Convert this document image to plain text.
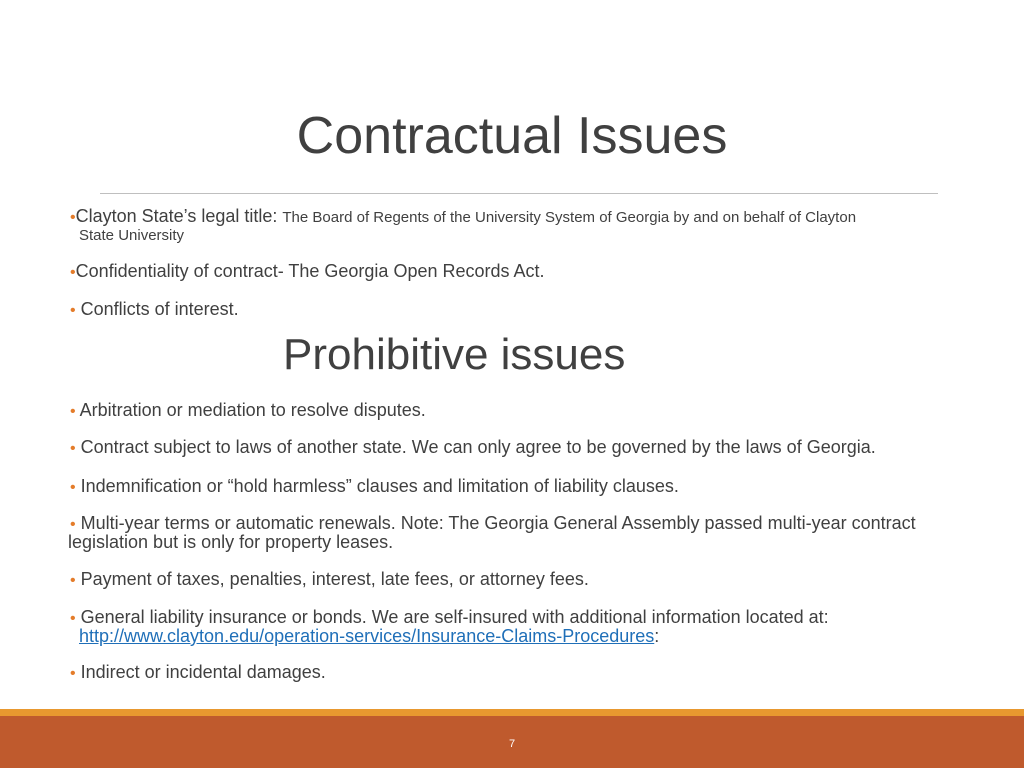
Contractual Issues

•Clayton State’s legal title: The Board of Regents of the University System of Georgia by and on behalf of Clayton

State University

•Confidentiality of contract- The Georgia Open Records Act.

• Conflicts of interest.

Prohibitive issues

• Arbitration or mediation to resolve disputes.

• Contract subject to laws of another state. We can only agree to be governed by the laws of Georgia.

• Indemnification or “hold harmless” clauses and limitation of liability clauses.

• Multi-year terms or automatic renewals. Note: The Georgia General Assembly passed multi-year contract

legislation but is only for property leases.

• Payment of taxes, penalties, interest, late fees, or attorney fees.

• General liability insurance or bonds. We are self-insured with additional information located at:

http://www.clayton.edu/operation-services/Insurance-Claims-Procedures:

• Indirect or incidental damages.

7
